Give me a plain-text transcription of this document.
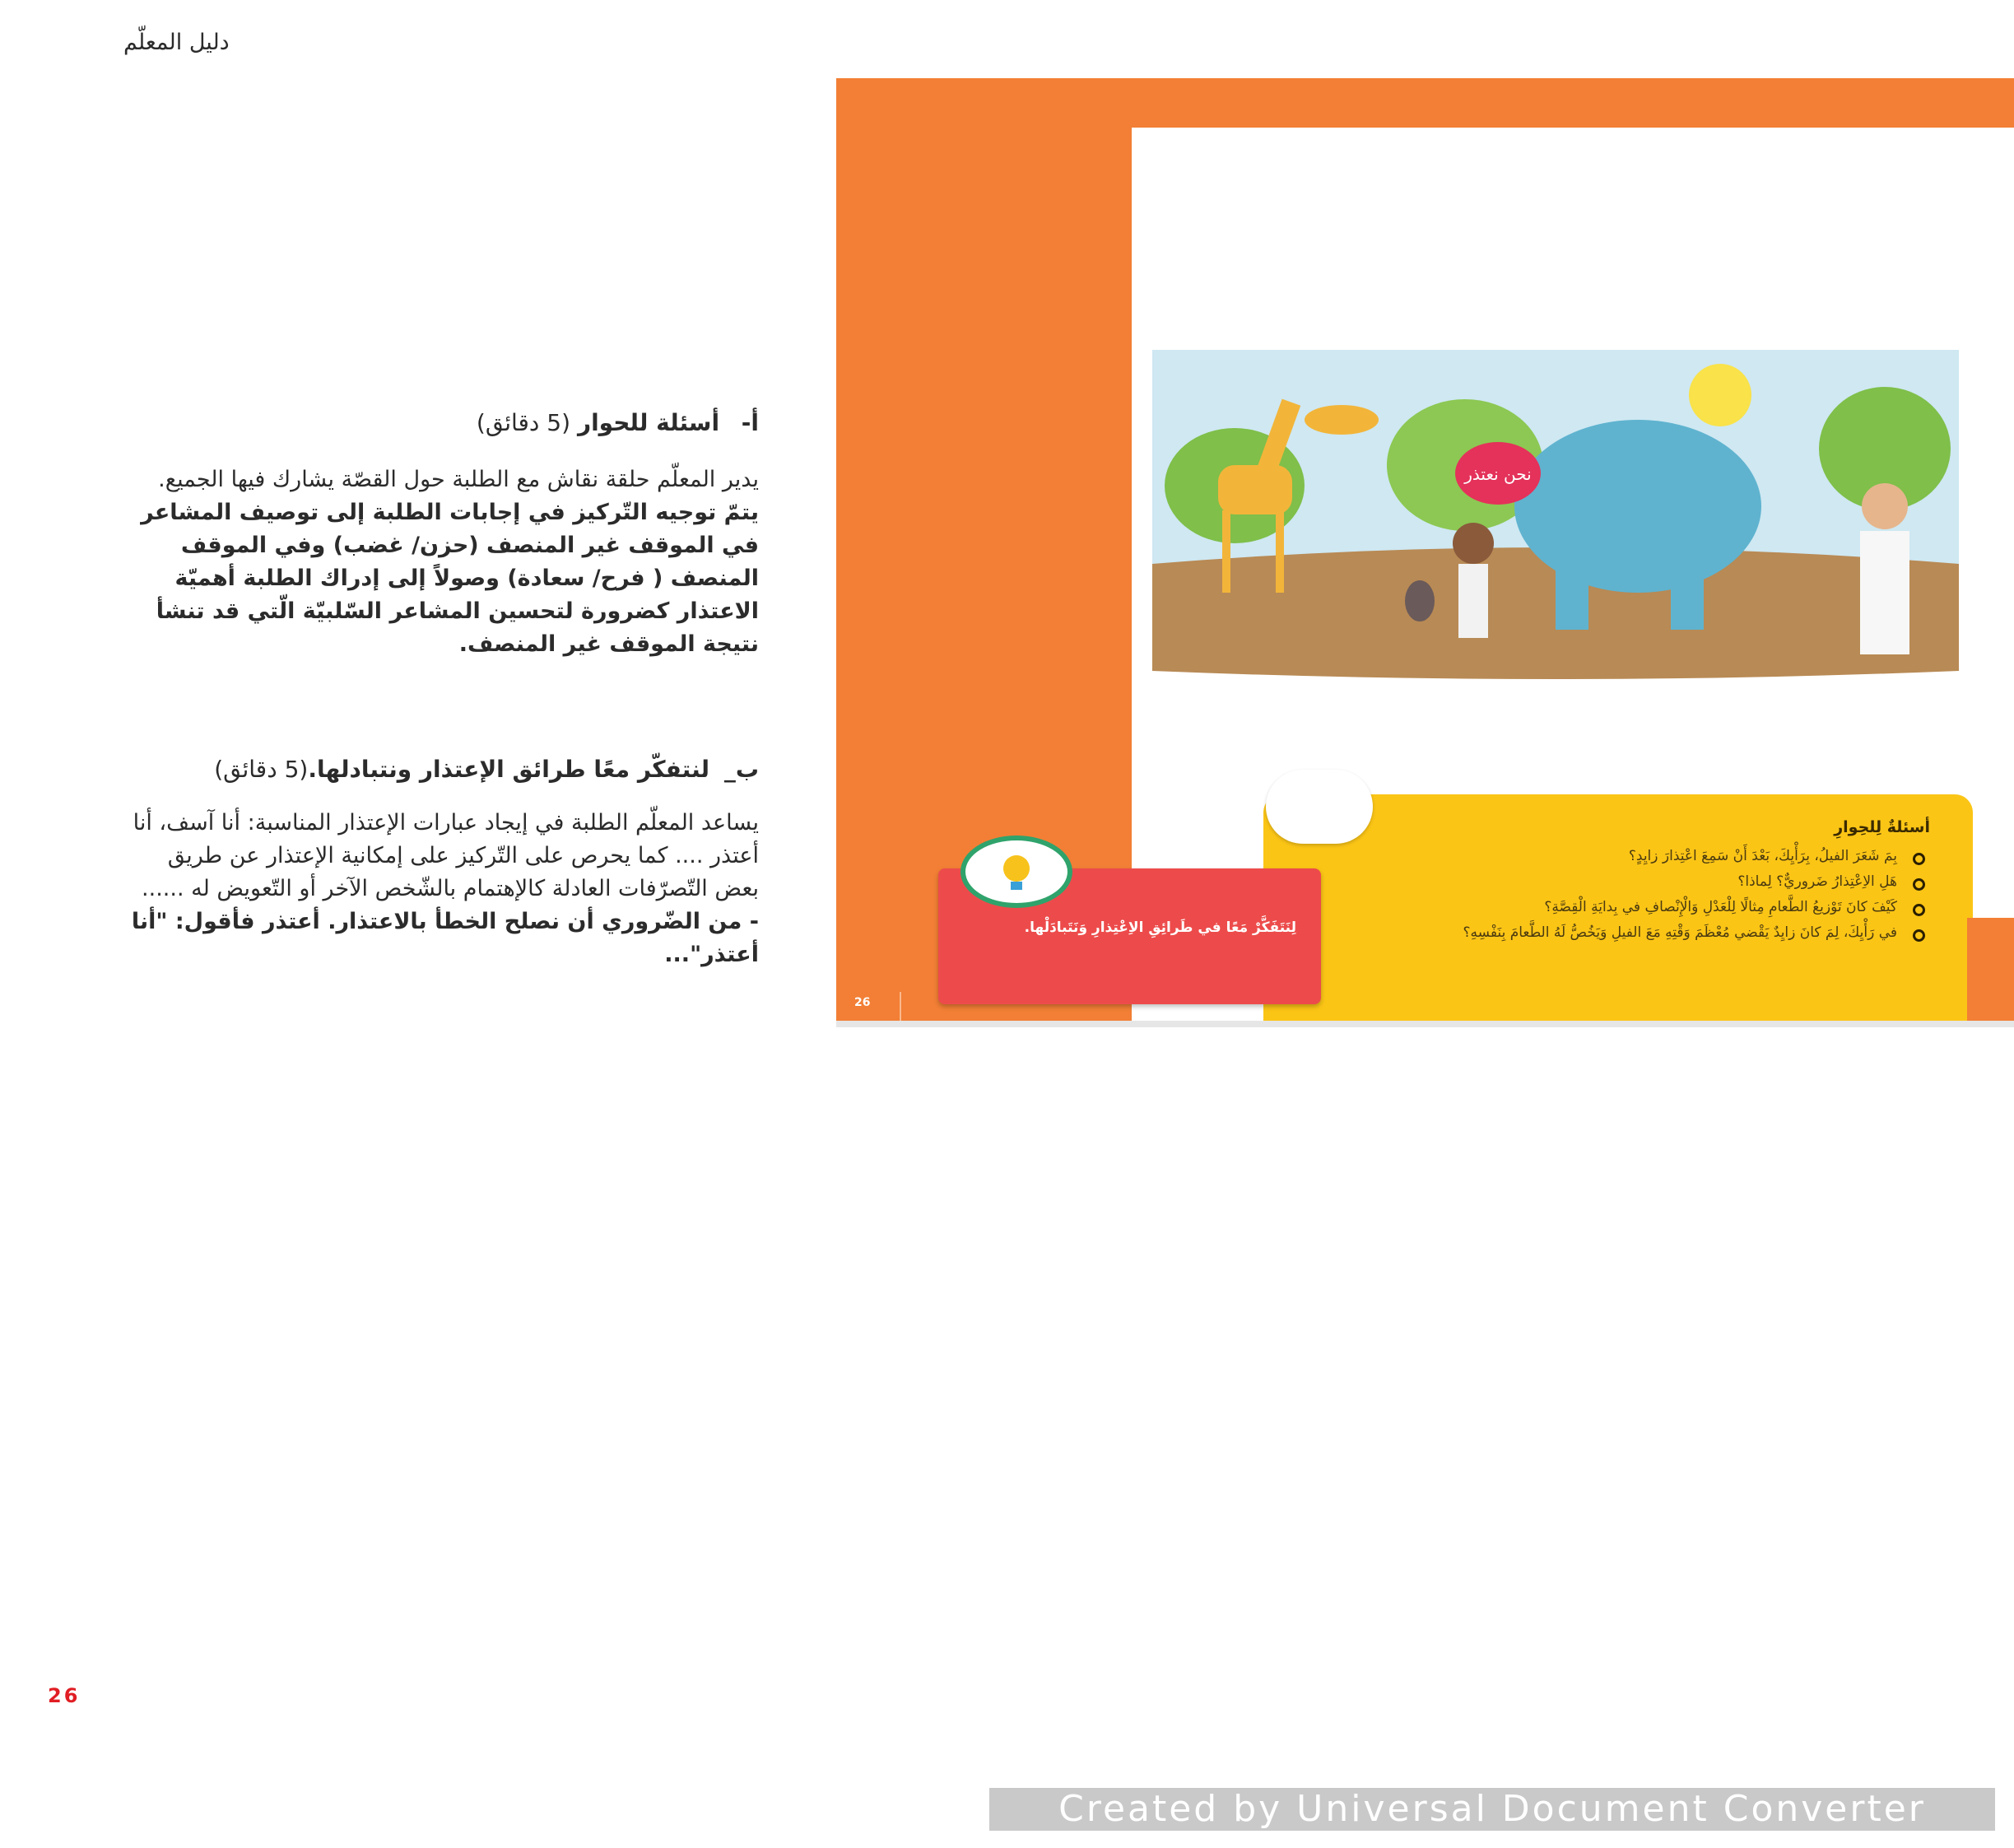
دليل المعلّم
أ-   أسئلة للحوار (5 دقائق)
يدير المعلّم حلقة نقاش مع الطلبة حول القصّة يشارك فيها الجميع.
يتمّ توجيه التّركيز في إجابات الطلبة إلى توصيف المشاعر في الموقف غير المنصف (حزن/ غضب) وفي الموقف المنصف ( فرح/ سعادة) وصولاً إلى إدراك الطلبة أهميّة الاعتذار كضرورة لتحسين المشاعر السّلبيّة الّتي قد تنشأ نتيجة الموقف غير المنصف.
ب_  لنتفكّر معًا طرائق الإعتذار ونتبادلها.(5 دقائق)
يساعد المعلّم الطلبة في إيجاد عبارات الإعتذار المناسبة: أنا آسف، أنا أعتذر .... كما يحرص على التّركيز على إمكانية الإعتذار عن طريق بعض التّصرّفات العادلة كالإهتمام بالشّخص الآخر أو التّعويض له ......
- من الضّروري أن نصلح الخطأ بالاعتذار. أعتذر فأقول: "أنا أعتذر"...
26
نحن نعتذر
أسئلةٌ لِلحِوارِ
بِمَ شَعَرَ الفيلُ، بِرَأْيِكَ، بَعْدَ أَنْ سَمِعَ اعْتِذارَ زايِدٍ؟
هَلِ الاِعْتِذارُ ضَروريٌّ؟ لِماذا؟
كَيْفَ كانَ تَوْزيعُ الطَّعامِ مِثالًا لِلْعَدْلِ وَالْإِنْصافِ في بِدايَةِ الْقِصَّةِ؟
في رَأْيِكَ، لِمَ كانَ زايِدٌ يَقْضي مُعْظَمَ وَقْتِهِ مَعَ الفيلِ وَيَخُصُّ لَهُ الطَّعامَ بِنَفْسِهِ؟
لِنَتَفَكَّرْ مَعًا في طَرائِقِ الاِعْتِذارِ وَنَتَبادَلْها.
26
Created by Universal Document Converter
